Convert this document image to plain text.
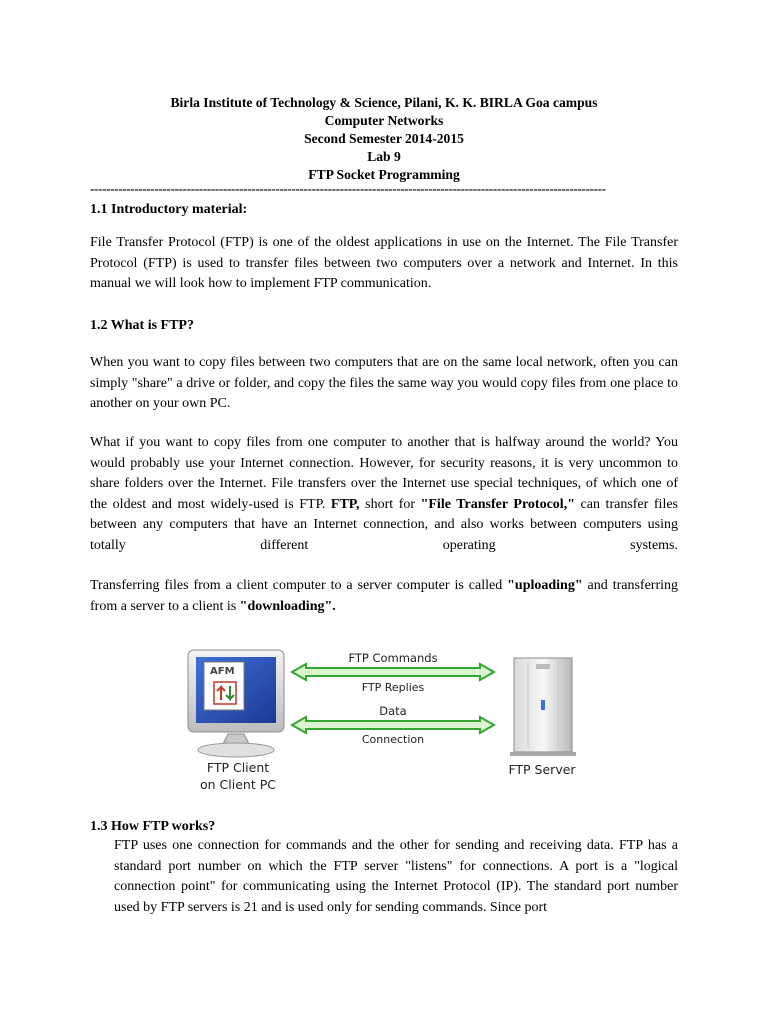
Birla Institute of Technology & Science, Pilani, K. K. BIRLA Goa campus
Computer Networks
Second Semester 2014-2015
Lab 9
FTP Socket Programming
--------------------------------------------------------------------------------------------------------------------------------
1.1 Introductory material:
File Transfer Protocol (FTP) is one of the oldest applications in use on the Internet. The File Transfer Protocol (FTP) is used to transfer files between two computers over a network and Internet. In this manual we will look how to implement FTP communication.
1.2 What is FTP?
When you want to copy files between two computers that are on the same local network, often you can simply "share" a drive or folder, and copy the files the same way you would copy files from one place to another on your own PC.
What if you want to copy files from one computer to another that is halfway around the world? You would probably use your Internet connection. However, for security reasons, it is very uncommon to share folders over the Internet. File transfers over the Internet use special techniques, of which one of the oldest and most widely-used is FTP. FTP, short for "File Transfer Protocol," can transfer files between any computers that have an Internet connection, and also works between computers using totally different operating systems.
Transferring files from a client computer to a server computer is called "uploading" and transferring from a server to a client is "downloading".
AFM
FTP Commands
FTP Replies
Data
Connection
FTP Client
on Client PC
FTP Server
1.3 How FTP works?
FTP uses one connection for commands and the other for sending and receiving data. FTP has a standard port number on which the FTP server "listens" for connections. A port is a "logical connection point" for communicating using the Internet Protocol (IP). The standard port number used by FTP servers is 21 and is used only for sending commands. Since port
